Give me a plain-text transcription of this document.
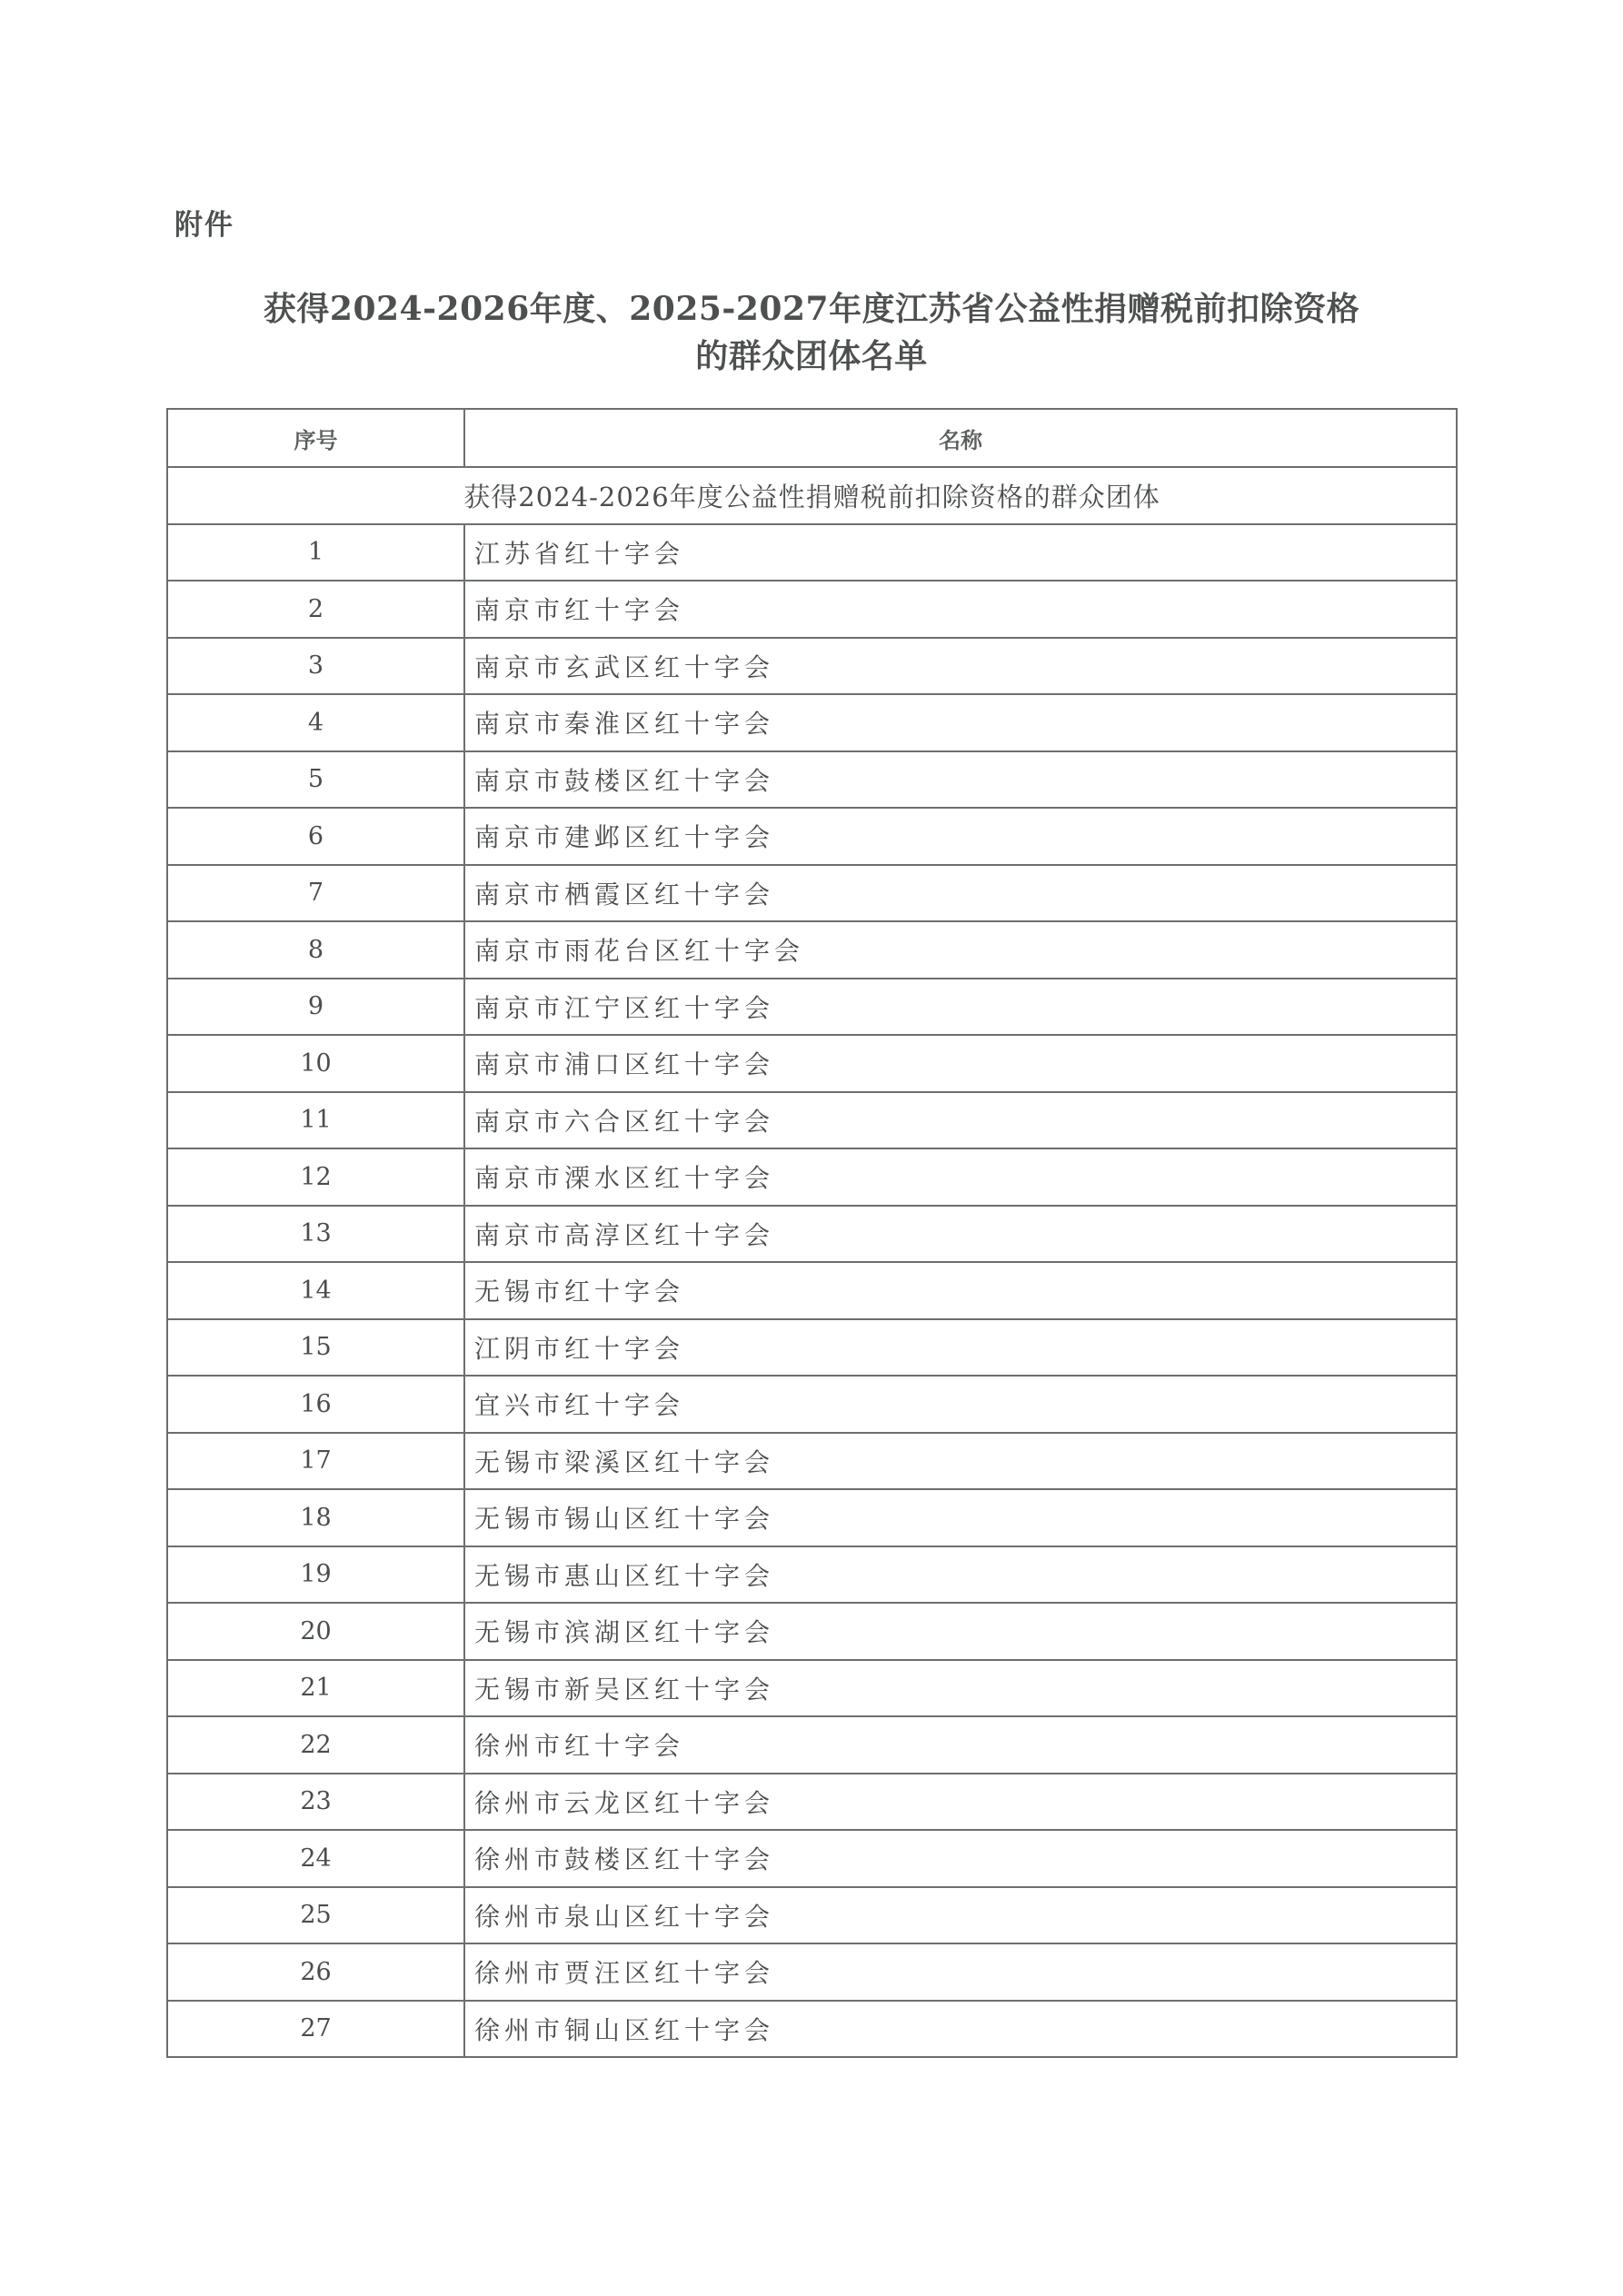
附件
获得2024-2026年度、2025-2027年度江苏省公益性捐赠税前扣除资格
的群众团体名单
序号	名称
获得2024-2026年度公益性捐赠税前扣除资格的群众团体	
1	江苏省红十字会
2	南京市红十字会
3	南京市玄武区红十字会
4	南京市秦淮区红十字会
5	南京市鼓楼区红十字会
6	南京市建邺区红十字会
7	南京市栖霞区红十字会
8	南京市雨花台区红十字会
9	南京市江宁区红十字会
10	南京市浦口区红十字会
11	南京市六合区红十字会
12	南京市溧水区红十字会
13	南京市高淳区红十字会
14	无锡市红十字会
15	江阴市红十字会
16	宜兴市红十字会
17	无锡市梁溪区红十字会
18	无锡市锡山区红十字会
19	无锡市惠山区红十字会
20	无锡市滨湖区红十字会
21	无锡市新吴区红十字会
22	徐州市红十字会
23	徐州市云龙区红十字会
24	徐州市鼓楼区红十字会
25	徐州市泉山区红十字会
26	徐州市贾汪区红十字会
27	徐州市铜山区红十字会
